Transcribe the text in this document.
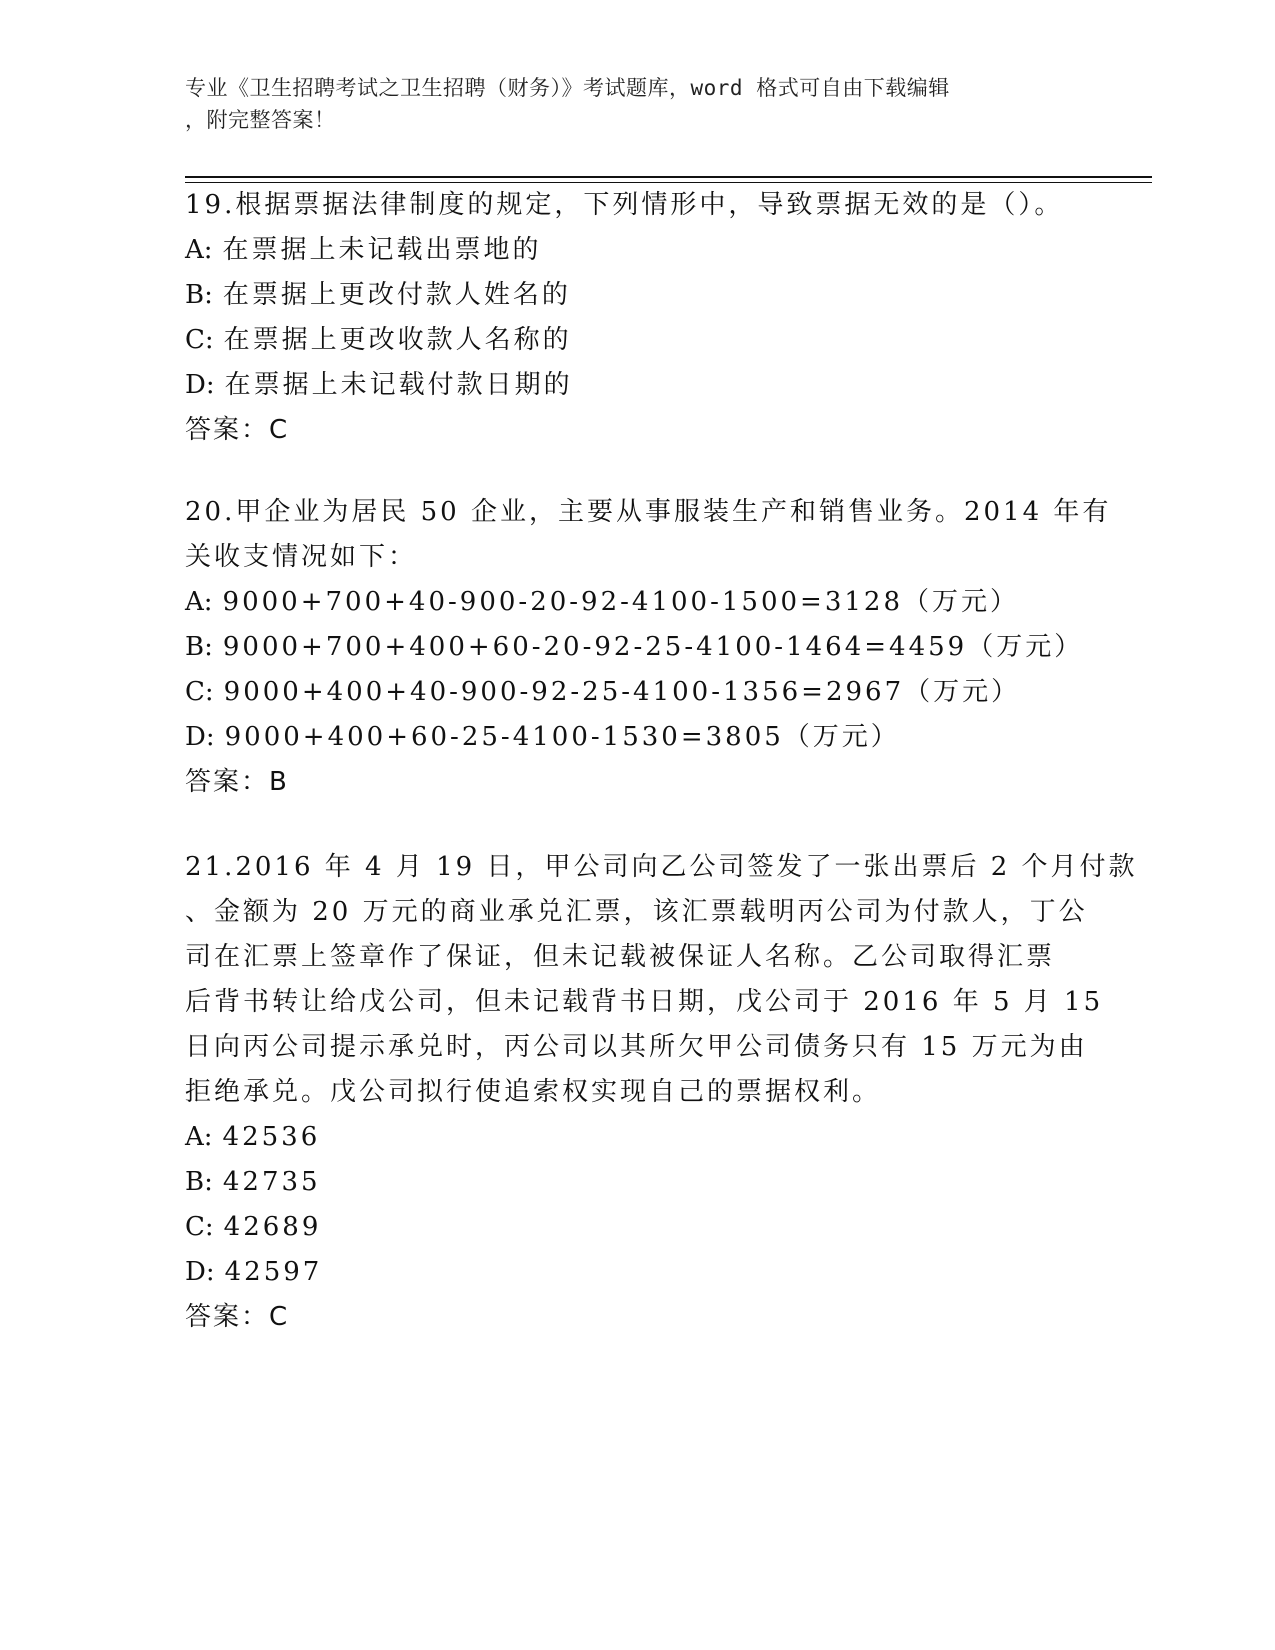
专业《卫生招聘考试之卫生招聘（财务）》考试题库，word 格式可自由下载编辑
，附完整答案！
19.根据票据法律制度的规定，下列情形中，导致票据无效的是（）。
A: 在票据上未记载出票地的
B: 在票据上更改付款人姓名的
C: 在票据上更改收款人名称的
D: 在票据上未记载付款日期的
答案：C
20.甲企业为居民 50 企业，主要从事服装生产和销售业务。2014 年有
关收支情况如下：
A: 9000+700+40-900-20-92-4100-1500=3128（万元）
B: 9000+700+400+60-20-92-25-4100-1464=4459（万元）
C: 9000+400+40-900-92-25-4100-1356=2967（万元）
D: 9000+400+60-25-4100-1530=3805（万元）
答案：B
21.2016 年 4 月 19 日，甲公司向乙公司签发了一张出票后 2 个月付款
、金额为 20 万元的商业承兑汇票，该汇票载明丙公司为付款人，丁公
司在汇票上签章作了保证，但未记载被保证人名称。乙公司取得汇票
后背书转让给戊公司，但未记载背书日期，戊公司于 2016 年 5 月 15
日向丙公司提示承兑时，丙公司以其所欠甲公司债务只有 15 万元为由
拒绝承兑。戊公司拟行使追索权实现自己的票据权利。
A: 42536
B: 42735
C: 42689
D: 42597
答案：C
